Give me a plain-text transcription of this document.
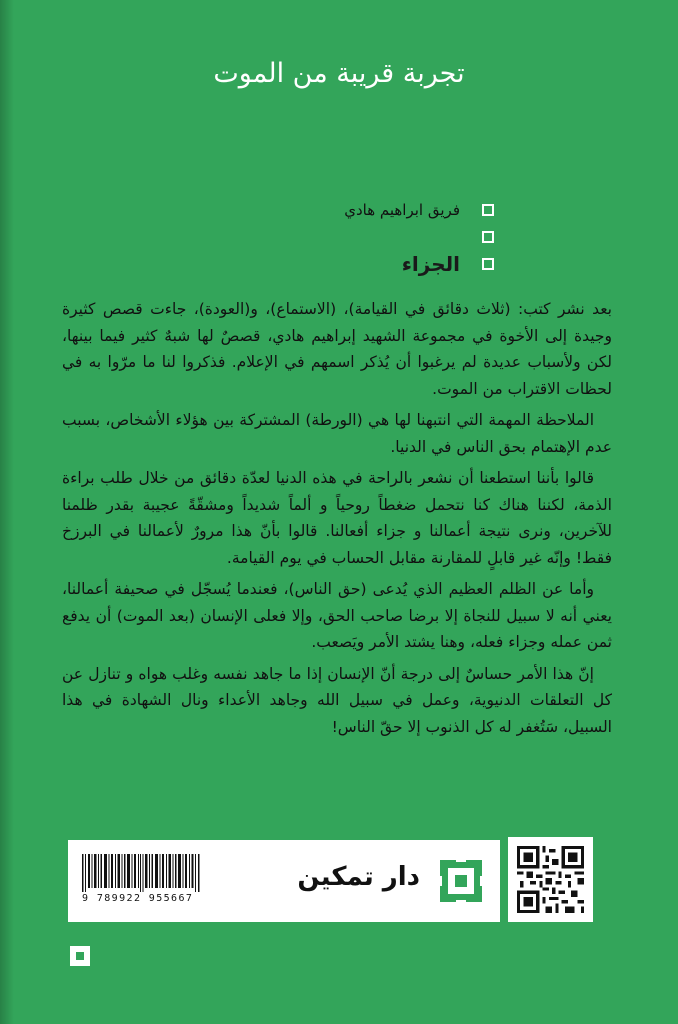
تجربة قريبة من الموت
فريق ابراهيم هادي
الجزاء

بعد نشر كتب: (ثلاث دقائق في القيامة)، (الاستماع)، و(العودة)، جاءت قصص كثيرة وجيدة إلى الأخوة في مجموعة الشهيد إبراهيم هادي، قصصٌ لها شبهٌ كثير فيما بينها، لكن ولأسباب عديدة لم يرغبوا أن يُذكر اسمهم في الإعلام. فذكروا لنا ما مرّوا به في لحظات الاقتراب من الموت.

الملاحظة المهمة التي انتبهنا لها هي (الورطة) المشتركة بين هؤلاء الأشخاص، بسبب عدم الإهتمام بحق الناس في الدنيا.

قالوا بأننا استطعنا أن نشعر بالراحة في هذه الدنيا لعدّة دقائق من خلال طلب براءة الذمة، لكننا هناك كنا نتحمل ضغطاً روحياً و ألماً شديداً ومشقّةً عجيبة بقدر ظلمنا للآخرين، ونرى نتيجة أعمالنا و جزاء أفعالنا. قالوا بأنّ هذا مرورٌ لأعمالنا في البرزخ فقط! وإنّه غير قابلٍ للمقارنة مقابل الحساب في يوم القيامة.

وأما عن الظلم العظيم الذي يُدعى (حق الناس)، فعندما يُسجّل في صحيفة أعمالنا، يعني أنه لا سبيل للنجاة إلا برضا صاحب الحق، وإلا فعلى الإنسان (بعد الموت) أن يدفع ثمن عمله وجزاء فعله، وهنا يشتد الأمر ويَصعب.

إنّ هذا الأمر حساسٌ إلى درجة أنّ الإنسان إذا ما جاهد نفسه وغلب هواه و تنازل عن كل التعلقات الدنيوية، وعمل في سبيل الله وجاهد الأعداء ونال الشهادة في هذا السبيل، سَتُغفر له كل الذنوب إلا حقّ الناس!

9 789922 955667
دار تمكين
